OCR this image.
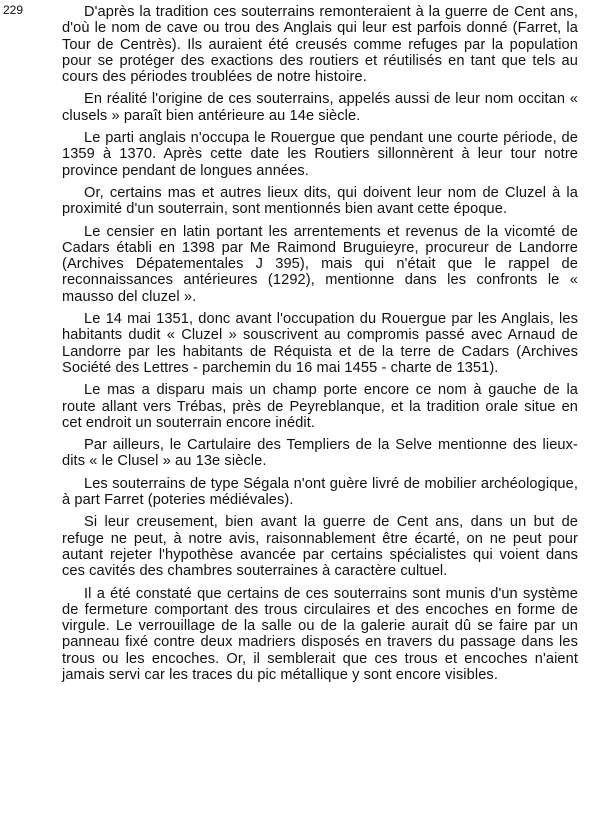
229	D'après la tradition ces souterrains remonteraient à la guerre de Cent ans, d'où le nom de cave ou trou des Anglais qui leur est parfois donné (Farret, la Tour de Centrès). Ils auraient été creusés comme refuges par la population pour se protéger des exactions des routiers et réutilisés en tant que tels au cours des périodes troublées de notre histoire.

En réalité l'origine de ces souterrains, appelés aussi de leur nom occitan « clusels » paraît bien antérieure au 14e siècle.

Le parti anglais n'occupa le Rouergue que pendant une courte période, de 1359 à 1370. Après cette date les Routiers sillonnèrent à leur tour notre province pendant de longues années.

Or, certains mas et autres lieux dits, qui doivent leur nom de Cluzel à la proximité d'un souterrain, sont mentionnés bien avant cette époque.

Le censier en latin portant les arrentements et revenus de la vicomté de Cadars établi en 1398 par Me Raimond Bruguieyre, procureur de Landorre (Archives Dépatementales J 395), mais qui n'était que le rappel de reconnaissances antérieures (1292), mentionne dans les confronts le « mausso del cluzel ».

Le 14 mai 1351, donc avant l'occupation du Rouergue par les Anglais, les habitants dudit « Cluzel » souscrivent au compromis passé avec Arnaud de Landorre par les habitants de Réquista et de la terre de Cadars (Archives Société des Lettres - parchemin du 16 mai 1455 - charte de 1351).

Le mas a disparu mais un champ porte encore ce nom à gauche de la route allant vers Trébas, près de Peyreblanque, et la tradition orale situe en cet endroit un souterrain encore inédit.

Par ailleurs, le Cartulaire des Templiers de la Selve mentionne des lieux-dits « le Clusel » au 13e siècle.

Les souterrains de type Ségala n'ont guère livré de mobilier archéologique, à part Farret (poteries médiévales).

Si leur creusement, bien avant la guerre de Cent ans, dans un but de refuge ne peut, à notre avis, raisonnablement être écarté, on ne peut pour autant rejeter l'hypothèse avancée par certains spécialistes qui voient dans ces cavités des chambres souterraines à caractère cultuel.

Il a été constaté que certains de ces souterrains sont munis d'un système de fermeture comportant des trous circulaires et des encoches en forme de virgule. Le verrouillage de la salle ou de la galerie aurait dû se faire par un panneau fixé contre deux madriers disposés en travers du passage dans les trous ou les encoches. Or, il semblerait que ces trous et encoches n'aient jamais servi car les traces du pic métallique y sont encore visibles.
